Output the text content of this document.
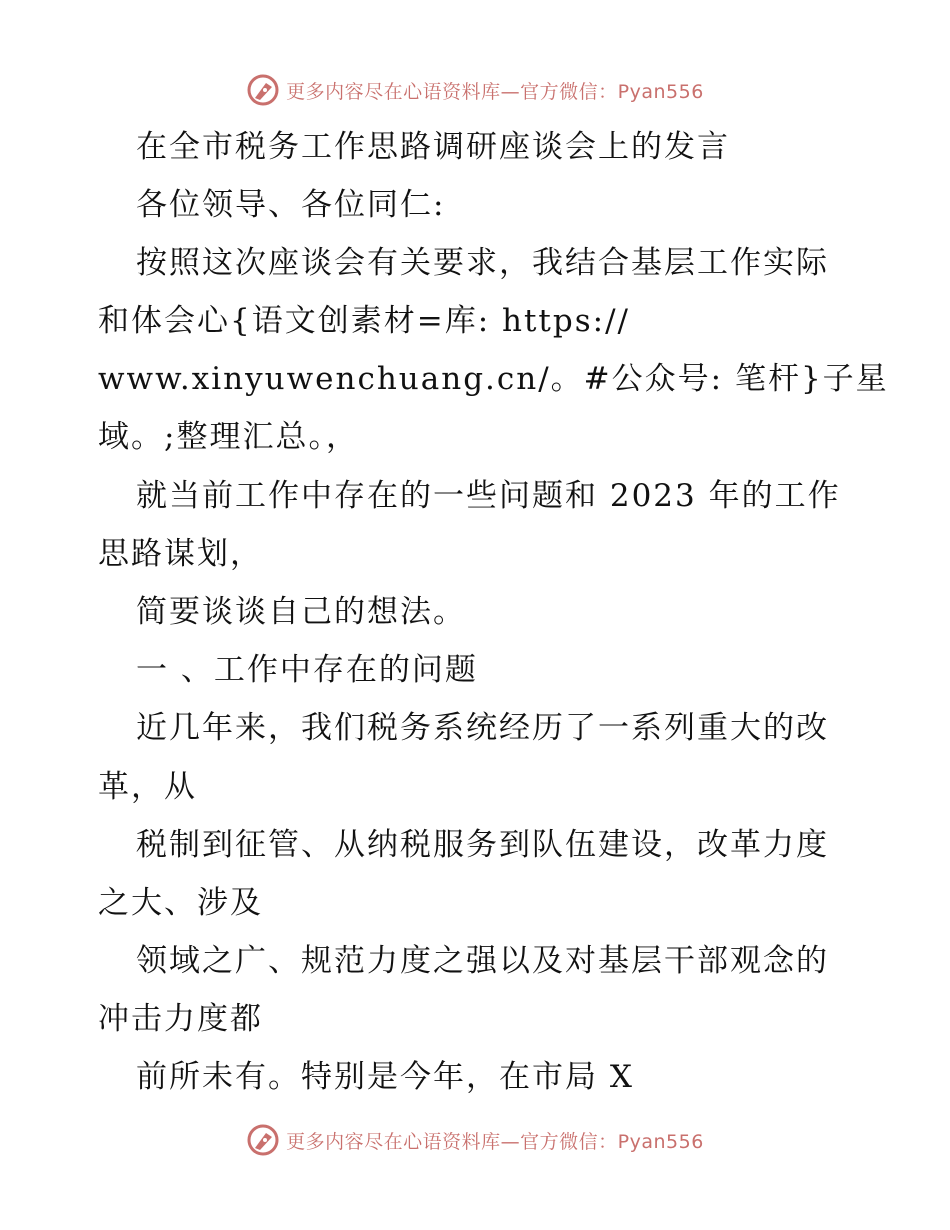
更多内容尽在心语资料库—官方微信：Pyan556
在全市税务工作思路调研座谈会上的发言
各位领导、各位同仁:
按照这次座谈会有关要求，我结合基层工作实际
和体会心{语文创素材=库: https://
www.xinyuwenchuang.cn/。#公众号: 笔杆}子星
域。;整理汇总。，
就当前工作中存在的一些问题和 2023 年的工作
思路谋划，
简要谈谈自己的想法。
一 、工作中存在的问题
近几年来，我们税务系统经历了一系列重大的改
革，从
税制到征管、从纳税服务到队伍建设，改革力度
之大、涉及
领域之广、规范力度之强以及对基层干部观念的
冲击力度都
前所未有。特别是今年，在市局 X
更多内容尽在心语资料库—官方微信：Pyan556
